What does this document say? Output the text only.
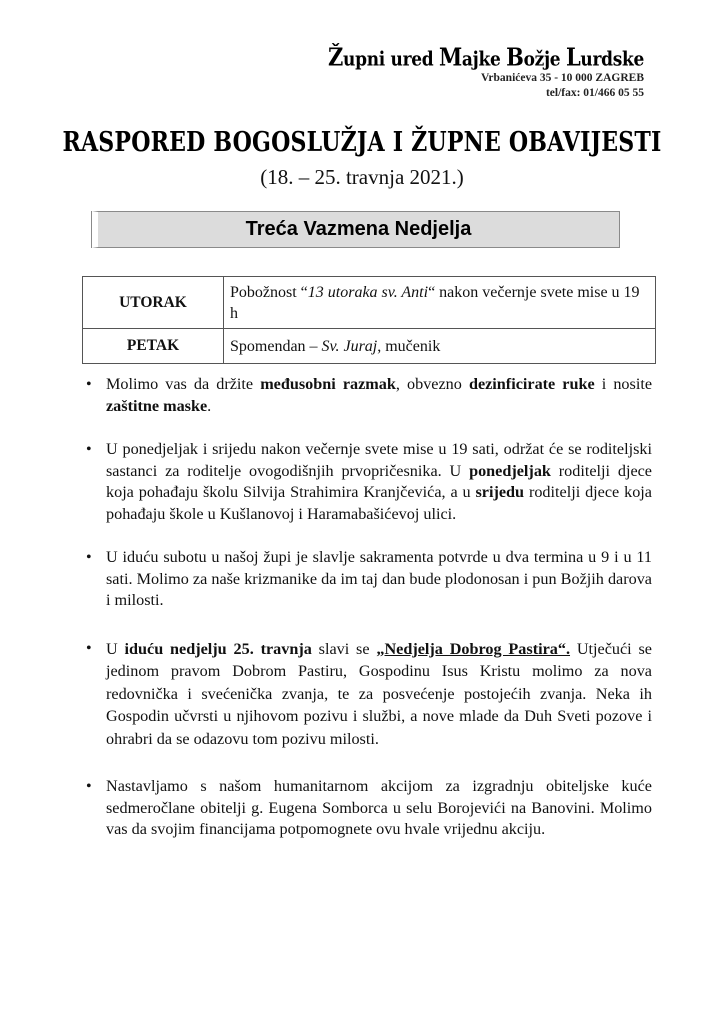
Župni ured Majke Božje Lurdske
Vrbanićeva 35 - 10 000 ZAGREB
tel/fax: 01/466 05 55
RASPORED BOGOSLUŽJA I ŽUPNE OBAVIJESTI
(18. – 25. travnja 2021.)
Treća Vazmena Nedjelja
UTORAK	Pobožnost “13 utoraka sv. Anti“ nakon večernje svete mise u 19 h
PETAK	Spomendan – Sv. Juraj, mučenik
• Molimo vas da držite međusobni razmak, obvezno dezinficirate ruke i nosite zaštitne maske.
• U ponedjeljak i srijedu nakon večernje svete mise u 19 sati, održat će se roditeljski sastanci za roditelje ovogodišnjih prvopričesnika. U ponedjeljak roditelji djece koja pohađaju školu Silvija Strahimira Kranjčevića, a u srijedu roditelji djece koja pohađaju škole u Kušlanovoj i Haramabašićevoj ulici.
• U iduću subotu u našoj župi je slavlje sakramenta potvrde u dva termina u 9 i u 11 sati. Molimo za naše krizmanike da im taj dan bude plodonosan i pun Božjih darova i milosti.
• U iduću nedjelju 25. travnja slavi se „Nedjelja Dobrog Pastira“. Utječući se jedinom pravom Dobrom Pastiru, Gospodinu Isus Kristu molimo za nova redovnička i svećenička zvanja, te za posvećenje postojećih zvanja. Neka ih Gospodin učvrsti u njihovom pozivu i službi, a nove mlade da Duh Sveti pozove i ohrabri da se odazovu tom pozivu milosti.
• Nastavljamo s našom humanitarnom akcijom za izgradnju obiteljske kuće sedmeročlane obitelji g. Eugena Somborca u selu Borojevići na Banovini. Molimo vas da svojim financijama potpomognete ovu hvale vrijednu akciju.
